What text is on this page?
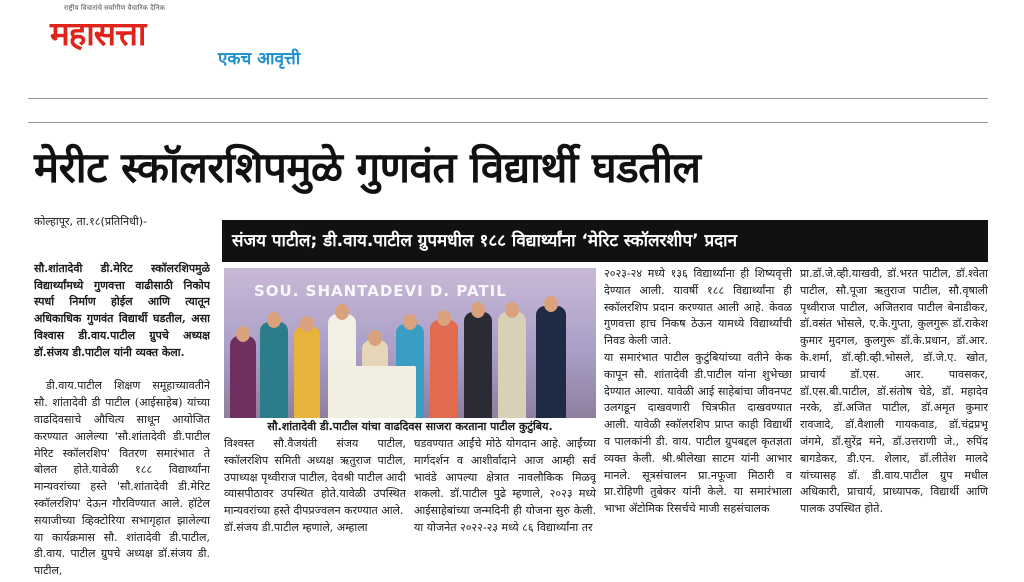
राष्ट्रीय विचारांचे सर्वांगीण वैचारिक दैनिक
महासत्ता
एकच आवृत्ती
मेरीट स्कॉलरशिपमुळे गुणवंत विद्यार्थी घडतील
कोल्हापूर, ता.१८(प्रतिनिधी)-
संजय पाटील; डी.वाय.पाटील ग्रुपमधील १८८ विद्यार्थ्यांना ‘मेरिट स्कॉलरशीप’ प्रदान

सौ.शांतादेवी डी.मेरिट स्कॉलरशिपमुळे विद्यार्थ्यांमध्ये गुणवत्ता वाढीसाठी निकोप स्पर्धा निर्माण होईल आणि त्यातून अधिकाधिक गुणवंत विद्यार्थी घडतील, असा विश्वास डी.वाय.पाटील ग्रुपचे अध्यक्ष डॉ.संजय डी.पाटील यांनी व्यक्त केला.

डी.वाय.पाटील शिक्षण समूहाच्यावतीने सौ. शांतादेवी डी पाटील (आईसाहेब) यांच्या वाढदिवसाचे औचित्य साधून आयोजित करण्यात आलेल्या 'सौ.शांतादेवी डी.पाटील मेरिट स्कॉलरशिप' वितरण समारंभात ते बोलत होते.यावेळी १८८ विद्यार्थ्यांना मान्यवरांच्या हस्ते 'सौ.शांतादेवी डी.मेरिट स्कॉलरशिप' देऊन गौरविण्यात आले. हॉटेल सयाजीच्या व्हिक्टोरिया सभागृहात झालेल्या या कार्यक्रमास सौ. शांतादेवी डी.पाटील, डी.वाय. पाटील ग्रुपचे अध्यक्ष डॉ.संजय डी. पाटील,

SOU. SHANTADEVI D. PATIL
सौ.शांतादेवी डी.पाटील यांचा वाढदिवस साजरा करताना पाटील कुटुंबिय.
विश्वस्त सौ.वैजयंती संजय पाटील, स्कॉलरशिप समिती अध्यक्ष ऋतुराज पाटील, उपाध्यक्ष पृथ्वीराज पाटील, देवश्री पाटील आदी व्यासपीठावर उपस्थित होते.यावेळी उपस्थित मान्यवरांच्या हस्ते दीपप्रज्वलन करण्यात आले.
डॉ.संजय डी.पाटील म्हणाले, अम्हाला
घडवण्यात आईंचे मोठे योगदान आहे. आईंच्या मार्गदर्शन व आशीर्वादाने आज आम्ही सर्व भावंडे आपल्या क्षेत्रात नावलौकिक मिळवू शकलो. डॉ.पाटील पुढे म्हणाले, २०२३ मध्ये आईसाहेबांच्या जन्मदिनी ही योजना सुरु केली. या योजनेत २०२२-२३ मध्ये ८६ विद्यार्थ्यांना तर
२०२३-२४ मध्ये १३६ विद्यार्थ्यांना ही शिष्यवृत्ती देण्यात आली. यावर्षी १८८ विद्यार्थ्यांना ही स्कॉलरशिप प्रदान करण्यात आली आहे. केवळ गुणवत्ता हाच निकष ठेऊन यामध्ये विद्यार्थ्यांची निवड केली जाते.
या समारंभात पाटील कुटुंबियांच्या वतीने केक कापून सौ. शांतादेवी डी.पाटील यांना शुभेच्छा देण्यात आल्या. यावेळी आई साहेबांचा जीवनपट उलगडून दाखवणारी चित्रफीत दाखवण्यात आली. यावेळी स्कॉलरशिप प्राप्त काही विद्यार्थी व पालकांनी डी. वाय. पाटील ग्रुपबद्दल कृतज्ञता व्यक्त केली. श्री.श्रीलेखा साटम यांनी आभार मानले. सूत्रसंचालन प्रा.नफूजा मिठारी व प्रा.रोहिणी तुबेकर यांनी केले. या समारंभाला भाभा ॲटोमिक रिसर्चचे माजी सहसंचालक
प्रा.डॉ.जे.व्ही.याखवी, डॉ.भरत पाटील, डॉ.श्वेता पाटील, सौ.पूजा ऋतुराज पाटील, सौ.वृषाली पृथ्वीराज पाटील, अजितराव पाटील बेनाडीकर, डॉ.वसंत भोसले, ए.के.गुप्ता, कुलगुरू डॉ.राकेश कुमार मुदगल, कुलगुरू डॉ.के.प्रधान, डॉ.आर. के.शर्मा, डॉ.व्ही.व्ही.भोसले, डॉ.जे.ए. खोत, प्राचार्य डॉ.एस. आर. पावसकर, डॉ.एस.बी.पाटील, डॉ.संतोष चेडे, डॉ. महादेव नरके, डॉ.अजित पाटील, डॉ.अमृत कुमार रावजादे, डॉ.वैशाली गायकवाड, डॉ.चंद्रप्रभू जंगमे, डॉ.सुरेंद्र मने, डॉ.उत्तराणी जे., रुपिंद बागडेकर, डी.एन. शेलार, डॉ.लीतेश मालदे यांच्यासह डॉ. डी.वाय.पाटील ग्रुप मधील अधिकारी, प्राचार्य, प्राध्यापक, विद्यार्थी आणि पालक उपस्थित होते.
